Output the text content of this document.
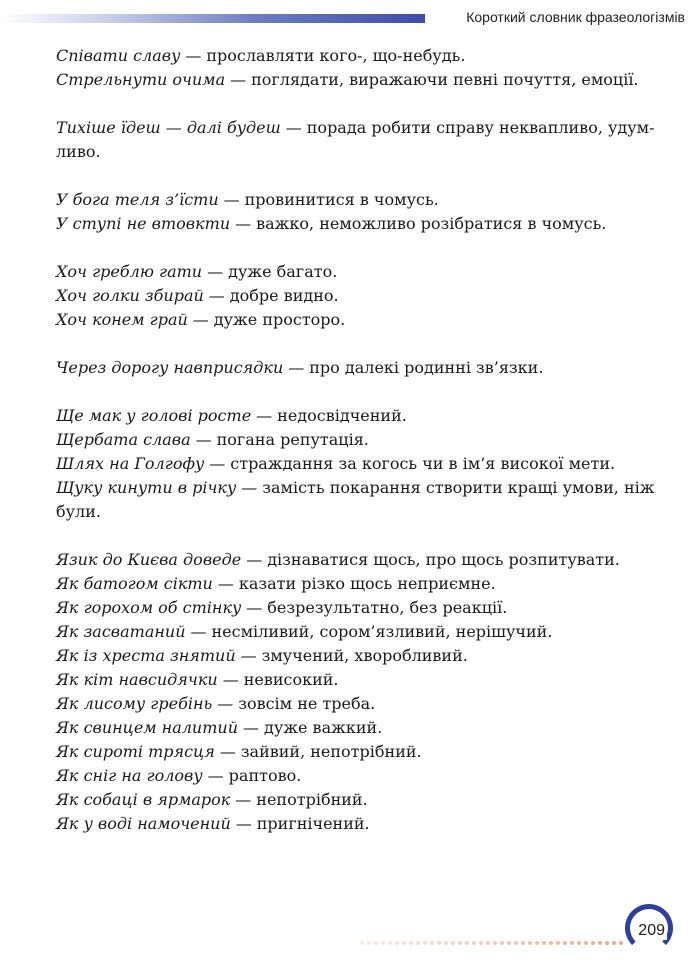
Короткий словник фразеологізмів

Співати славу — прославляти кого-, що-небудь.

Стрельнути очима — поглядати, виражаючи певні почуття, емоції.

Тихіше їдеш — далі будеш — порада робити справу неквапливо, удум-ливо.

У бога теля з’їсти — провинитися в чомусь.

У ступі не втовкти — важко, неможливо розібратися в чомусь.

Хоч греблю гати — дуже багато.

Хоч голки збирай — добре видно.

Хоч конем грай — дуже просторо.

Через дорогу навприсядки — про далекі родинні зв’язки.

Ще мак у голові росте — недосвідчений.

Щербата слава — погана репутація.

Шлях на Голгофу — страждання за когось чи в ім’я високої мети.

Щуку кинути в річку — замість покарання створити кращі умови, ніж були.

Язик до Києва доведе — дізнаватися щось, про щось розпитувати.

Як батогом сікти — казати різко щось неприємне.

Як горохом об стінку — безрезультатно, без реакції.

Як засватаний — несміливий, сором’язливий, нерішучий.

Як із хреста знятий — змучений, хворобливий.

Як кіт навсидячки — невисокий.

Як лисому гребінь — зовсім не треба.

Як свинцем налитий — дуже важкий.

Як сироті трясця — зайвий, непотрібний.

Як сніг на голову — раптово.

Як собаці в ярмарок — непотрібний.

Як у воді намочений — пригнічений.

209
